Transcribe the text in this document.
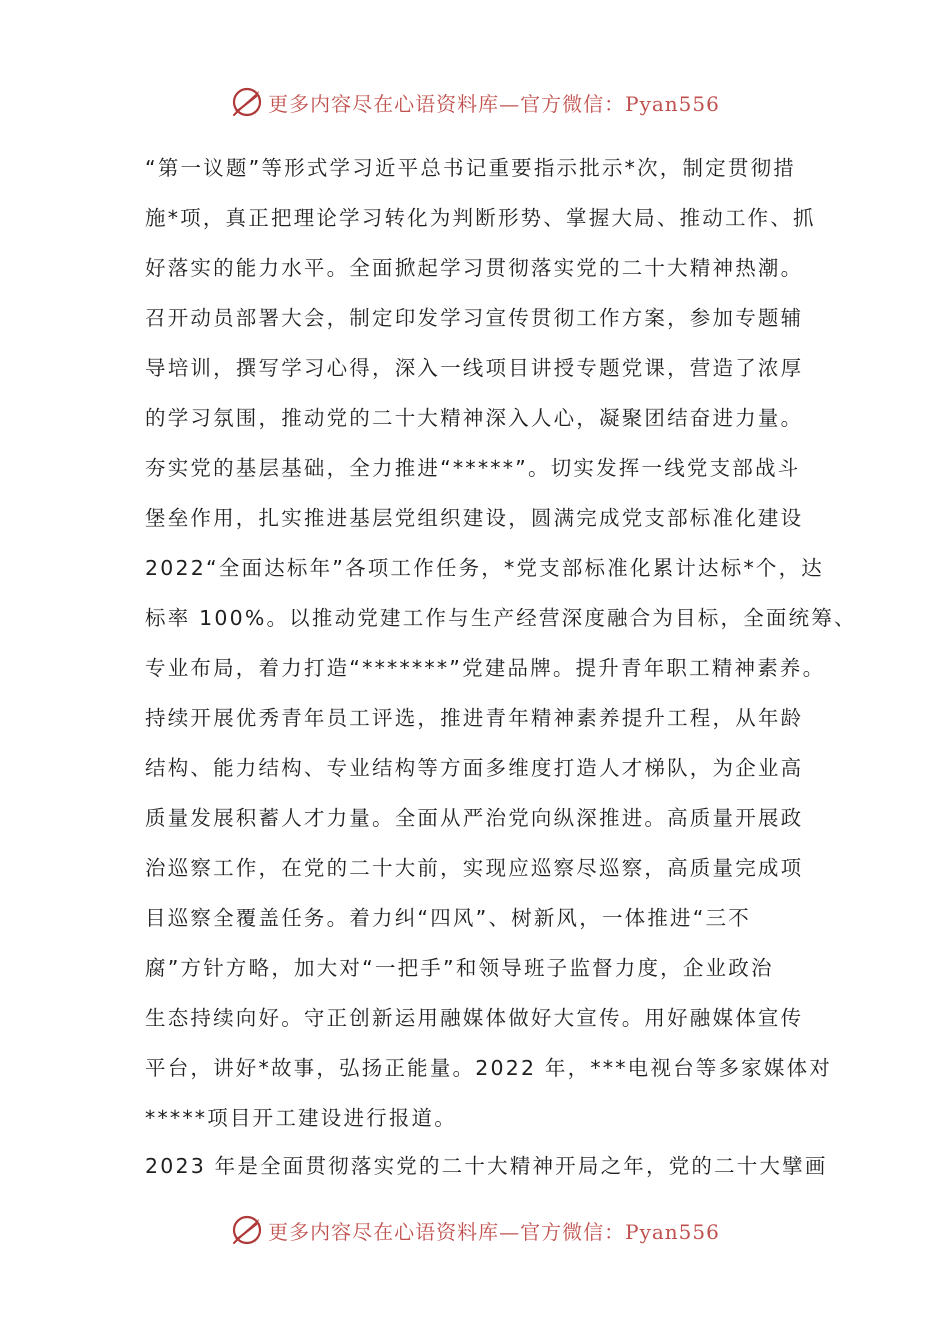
更多内容尽在心语资料库—官方微信：Pyan556
“第一议题”等形式学习近平总书记重要指示批示*次，制定贯彻措
施*项，真正把理论学习转化为判断形势、掌握大局、推动工作、抓
好落实的能力水平。全面掀起学习贯彻落实党的二十大精神热潮。
召开动员部署大会，制定印发学习宣传贯彻工作方案，参加专题辅
导培训，撰写学习心得，深入一线项目讲授专题党课，营造了浓厚
的学习氛围，推动党的二十大精神深入人心，凝聚团结奋进力量。
夯实党的基层基础，全力推进“*****”。切实发挥一线党支部战斗
堡垒作用，扎实推进基层党组织建设，圆满完成党支部标准化建设
2022“全面达标年”各项工作任务，*党支部标准化累计达标*个，达
标率 100%。以推动党建工作与生产经营深度融合为目标，全面统筹、
专业布局，着力打造“*******”党建品牌。提升青年职工精神素养。
持续开展优秀青年员工评选，推进青年精神素养提升工程，从年龄
结构、能力结构、专业结构等方面多维度打造人才梯队，为企业高
质量发展积蓄人才力量。全面从严治党向纵深推进。高质量开展政
治巡察工作，在党的二十大前，实现应巡察尽巡察，高质量完成项
目巡察全覆盖任务。着力纠“四风”、树新风，一体推进“三不
腐”方针方略，加大对“一把手”和领导班子监督力度，企业政治
生态持续向好。守正创新运用融媒体做好大宣传。用好融媒体宣传
平台，讲好*故事，弘扬正能量。2022 年，***电视台等多家媒体对
*****项目开工建设进行报道。
2023 年是全面贯彻落实党的二十大精神开局之年，党的二十大擘画
更多内容尽在心语资料库—官方微信：Pyan556
